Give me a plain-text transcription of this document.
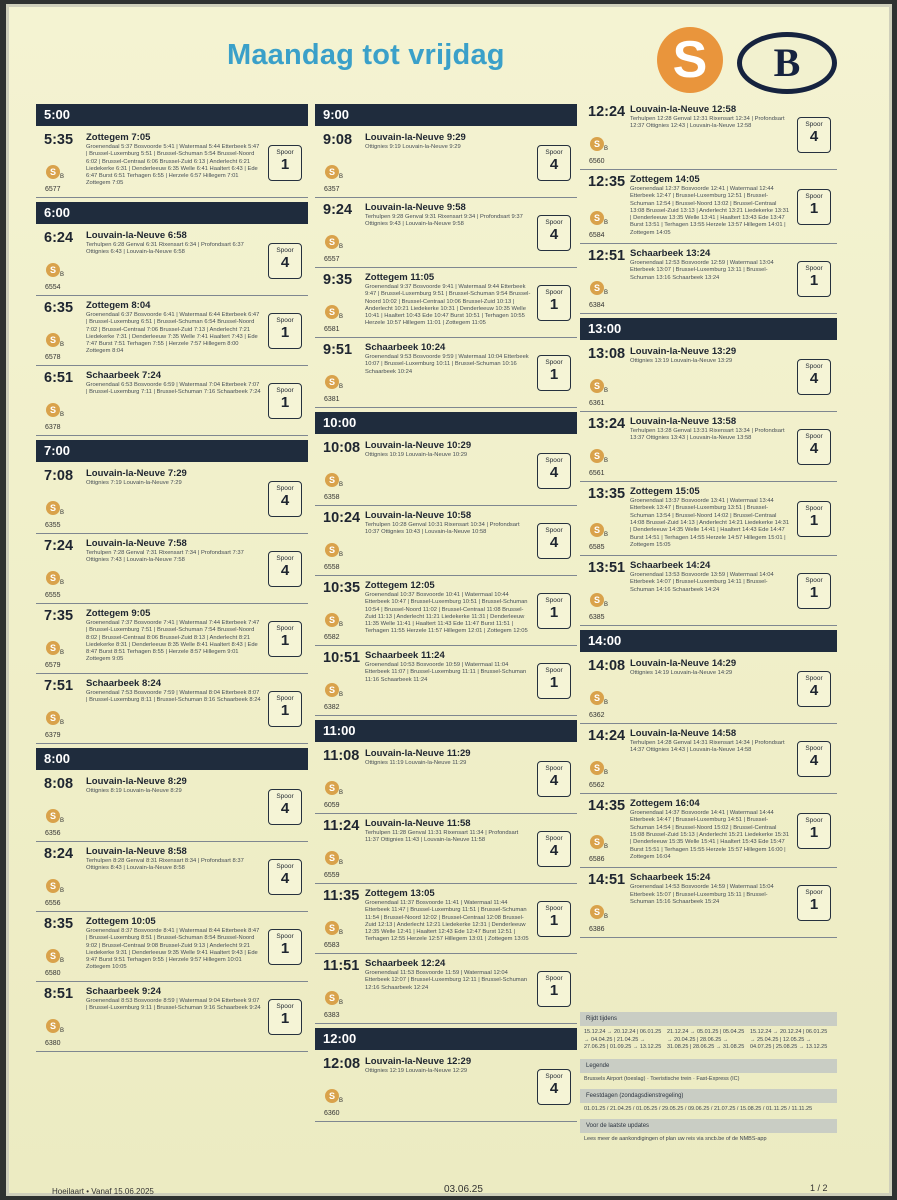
Maandag tot vrijdag	S	B
5:00
5:35 Zottegem 7:05
Groenendaal 5:37 Bosvoorde 5:41 | Watermaal 5:44 Etterbeek 5:47 | Brussel-Luxemburg 5:51 | Brussel-Schuman 5:54 Brussel-Noord 6:02 | Brussel-Centraal 6:06 Brussel-Zuid 6:13 | Anderlecht 6:21 Liedekerke 6:31 | Denderleeuw 6:35 Welle 6:41 Haaltert 6:43 | Ede 6:47 Burst 6:51 Terhagen 6:55 | Herzele 6:57 Hillegem 7:01 Zottegem 7:05
S B
6577
Spoor
1
6:00
6:24 Louvain-la-Neuve 6:58
Terhulpen 6:28 Genval 6:31 Rixensart 6:34 | Profondsart 6:37 Ottignies 6:43 | Louvain-la-Neuve 6:58
S B
6554
Spoor
4
6:35 Zottegem 8:04
Groenendaal 6:37 Bosvoorde 6:41 | Watermaal 6:44 Etterbeek 6:47 | Brussel-Luxemburg 6:51 | Brussel-Schuman 6:54 Brussel-Noord 7:02 | Brussel-Centraal 7:06 Brussel-Zuid 7:13 | Anderlecht 7:21 Liedekerke 7:31 | Denderleeuw 7:35 Welle 7:41 Haaltert 7:43 | Ede 7:47 Burst 7:51 Terhagen 7:55 | Herzele 7:57 Hillegem 8:00 Zottegem 8:04
S B
6578
Spoor
1
6:51 Schaarbeek 7:24
Groenendaal 6:53 Bosvoorde 6:59 | Watermaal 7:04 Etterbeek 7:07 | Brussel-Luxemburg 7:11 | Brussel-Schuman 7:16 Schaarbeek 7:24
S B
6378
Spoor
1
7:00
7:08 Louvain-la-Neuve 7:29
Ottignies 7:19 Louvain-la-Neuve 7:29
S B
6355
Spoor
4
7:24 Louvain-la-Neuve 7:58
Terhulpen 7:28 Genval 7:31 Rixensart 7:34 | Profondsart 7:37 Ottignies 7:43 | Louvain-la-Neuve 7:58
S B
6555
Spoor
4
7:35 Zottegem 9:05
Groenendaal 7:37 Bosvoorde 7:41 | Watermaal 7:44 Etterbeek 7:47 | Brussel-Luxemburg 7:51 | Brussel-Schuman 7:54 Brussel-Noord 8:02 | Brussel-Centraal 8:06 Brussel-Zuid 8:13 | Anderlecht 8:21 Liedekerke 8:31 | Denderleeuw 8:35 Welle 8:41 Haaltert 8:43 | Ede 8:47 Burst 8:51 Terhagen 8:55 | Herzele 8:57 Hillegem 9:01 Zottegem 9:05
S B
6579
Spoor
1
7:51 Schaarbeek 8:24
Groenendaal 7:53 Bosvoorde 7:59 | Watermaal 8:04 Etterbeek 8:07 | Brussel-Luxemburg 8:11 | Brussel-Schuman 8:16 Schaarbeek 8:24
S B
6379
Spoor
1
8:00
8:08 Louvain-la-Neuve 8:29
Ottignies 8:19 Louvain-la-Neuve 8:29
S B
6356
Spoor
4
8:24 Louvain-la-Neuve 8:58
Terhulpen 8:28 Genval 8:31 Rixensart 8:34 | Profondsart 8:37 Ottignies 8:43 | Louvain-la-Neuve 8:58
S B
6556
Spoor
4
8:35 Zottegem 10:05
Groenendaal 8:37 Bosvoorde 8:41 | Watermaal 8:44 Etterbeek 8:47 | Brussel-Luxemburg 8:51 | Brussel-Schuman 8:54 Brussel-Noord 9:02 | Brussel-Centraal 9:08 Brussel-Zuid 9:13 | Anderlecht 9:21 Liedekerke 9:31 | Denderleeuw 9:35 Welle 9:41 Haaltert 9:43 | Ede 9:47 Burst 9:51 Terhagen 9:55 | Herzele 9:57 Hillegem 10:01 Zottegem 10:05
S B
6580
Spoor
1
8:51 Schaarbeek 9:24
Groenendaal 8:53 Bosvoorde 8:59 | Watermaal 9:04 Etterbeek 9:07 | Brussel-Luxemburg 9:11 | Brussel-Schuman 9:16 Schaarbeek 9:24
S B
6380
Spoor
1
9:00
9:08 Louvain-la-Neuve 9:29
Ottignies 9:19 Louvain-la-Neuve 9:29
S B
6357
Spoor
4
9:24 Louvain-la-Neuve 9:58
Terhulpen 9:28 Genval 9:31 Rixensart 9:34 | Profondsart 9:37 Ottignies 9:43 | Louvain-la-Neuve 9:58
S B
6557
Spoor
4
9:35 Zottegem 11:05
Groenendaal 9:37 Bosvoorde 9:41 | Watermaal 9:44 Etterbeek 9:47 | Brussel-Luxemburg 9:51 | Brussel-Schuman 9:54 Brussel-Noord 10:02 | Brussel-Centraal 10:06 Brussel-Zuid 10:13 | Anderlecht 10:21 Liedekerke 10:31 | Denderleeuw 10:35 Welle 10:41 | Haaltert 10:43 Ede 10:47 Burst 10:51 | Terhagen 10:55 Herzele 10:57 Hillegem 11:01 | Zottegem 11:05
S B
6581
Spoor
1
9:51 Schaarbeek 10:24
Groenendaal 9:53 Bosvoorde 9:59 | Watermaal 10:04 Etterbeek 10:07 | Brussel-Luxemburg 10:11 | Brussel-Schuman 10:16 Schaarbeek 10:24
S B
6381
Spoor
1
10:00
10:08 Louvain-la-Neuve 10:29
Ottignies 10:19 Louvain-la-Neuve 10:29
S B
6358
Spoor
4
10:24 Louvain-la-Neuve 10:58
Terhulpen 10:28 Genval 10:31 Rixensart 10:34 | Profondsart 10:37 Ottignies 10:43 | Louvain-la-Neuve 10:58
S B
6558
Spoor
4
10:35 Zottegem 12:05
Groenendaal 10:37 Bosvoorde 10:41 | Watermaal 10:44 Etterbeek 10:47 | Brussel-Luxemburg 10:51 | Brussel-Schuman 10:54 | Brussel-Noord 11:02 | Brussel-Centraal 11:08 Brussel-Zuid 11:13 | Anderlecht 11:21 Liedekerke 11:31 | Denderleeuw 11:35 Welle 11:41 | Haaltert 11:43 Ede 11:47 Burst 11:51 | Terhagen 11:55 Herzele 11:57 Hillegem 12:01 | Zottegem 12:05
S B
6582
Spoor
1
10:51 Schaarbeek 11:24
Groenendaal 10:53 Bosvoorde 10:59 | Watermaal 11:04 Etterbeek 11:07 | Brussel-Luxemburg 11:11 | Brussel-Schuman 11:16 Schaarbeek 11:24
S B
6382
Spoor
1
11:00
11:08 Louvain-la-Neuve 11:29
Ottignies 11:19 Louvain-la-Neuve 11:29
S B
6059
Spoor
4
11:24 Louvain-la-Neuve 11:58
Terhulpen 11:28 Genval 11:31 Rixensart 11:34 | Profondsart 11:37 Ottignies 11:43 | Louvain-la-Neuve 11:58
S B
6559
Spoor
4
11:35 Zottegem 13:05
Groenendaal 11:37 Bosvoorde 11:41 | Watermaal 11:44 Etterbeek 11:47 | Brussel-Luxemburg 11:51 | Brussel-Schuman 11:54 | Brussel-Noord 12:02 | Brussel-Centraal 12:08 Brussel-Zuid 12:13 | Anderlecht 12:21 Liedekerke 12:31 | Denderleeuw 12:35 Welle 12:41 | Haaltert 12:43 Ede 12:47 Burst 12:51 | Terhagen 12:55 Herzele 12:57 Hillegem 13:01 | Zottegem 13:05
S B
6583
Spoor
1
11:51 Schaarbeek 12:24
Groenendaal 11:53 Bosvoorde 11:59 | Watermaal 12:04 Etterbeek 12:07 | Brussel-Luxemburg 12:11 | Brussel-Schuman 12:16 Schaarbeek 12:24
S B
6383
Spoor
1
12:00
12:08 Louvain-la-Neuve 12:29
Ottignies 12:19 Louvain-la-Neuve 12:29
S B
6360
Spoor
4
12:24 Louvain-la-Neuve 12:58
Terhulpen 12:28 Genval 12:31 Rixensart 12:34 | Profondsart 12:37 Ottignies 12:43 | Louvain-la-Neuve 12:58
S B
6560
Spoor
4
12:35 Zottegem 14:05
Groenendaal 12:37 Bosvoorde 12:41 | Watermaal 12:44 Etterbeek 12:47 | Brussel-Luxemburg 12:51 | Brussel-Schuman 12:54 | Brussel-Noord 13:02 | Brussel-Centraal 13:08 Brussel-Zuid 13:13 | Anderlecht 13:21 Liedekerke 13:31 | Denderleeuw 13:35 Welle 13:41 | Haaltert 13:43 Ede 13:47 Burst 13:51 | Terhagen 13:55 Herzele 13:57 Hillegem 14:01 | Zottegem 14:05
S B
6584
Spoor
1
12:51 Schaarbeek 13:24
Groenendaal 12:53 Bosvoorde 12:59 | Watermaal 13:04 Etterbeek 13:07 | Brussel-Luxemburg 13:11 | Brussel-Schuman 13:16 Schaarbeek 13:24
S B
6384
Spoor
1
13:00
13:08 Louvain-la-Neuve 13:29
Ottignies 13:19 Louvain-la-Neuve 13:29
S B
6361
Spoor
4
13:24 Louvain-la-Neuve 13:58
Terhulpen 13:28 Genval 13:31 Rixensart 13:34 | Profondsart 13:37 Ottignies 13:43 | Louvain-la-Neuve 13:58
S B
6561
Spoor
4
13:35 Zottegem 15:05
Groenendaal 13:37 Bosvoorde 13:41 | Watermaal 13:44 Etterbeek 13:47 | Brussel-Luxemburg 13:51 | Brussel-Schuman 13:54 | Brussel-Noord 14:02 | Brussel-Centraal 14:08 Brussel-Zuid 14:13 | Anderlecht 14:21 Liedekerke 14:31 | Denderleeuw 14:35 Welle 14:41 | Haaltert 14:43 Ede 14:47 Burst 14:51 | Terhagen 14:55 Herzele 14:57 Hillegem 15:01 | Zottegem 15:05
S B
6585
Spoor
1
13:51 Schaarbeek 14:24
Groenendaal 13:53 Bosvoorde 13:59 | Watermaal 14:04 Etterbeek 14:07 | Brussel-Luxemburg 14:11 | Brussel-Schuman 14:16 Schaarbeek 14:24
S B
6385
Spoor
1
14:00
14:08 Louvain-la-Neuve 14:29
Ottignies 14:19 Louvain-la-Neuve 14:29
S B
6362
Spoor
4
14:24 Louvain-la-Neuve 14:58
Terhulpen 14:28 Genval 14:31 Rixensart 14:34 | Profondsart 14:37 Ottignies 14:43 | Louvain-la-Neuve 14:58
S B
6562
Spoor
4
14:35 Zottegem 16:04
Groenendaal 14:37 Bosvoorde 14:41 | Watermaal 14:44 Etterbeek 14:47 | Brussel-Luxemburg 14:51 | Brussel-Schuman 14:54 | Brussel-Noord 15:02 | Brussel-Centraal 15:08 Brussel-Zuid 15:13 | Anderlecht 15:21 Liedekerke 15:31 | Denderleeuw 15:35 Welle 15:41 | Haaltert 15:43 Ede 15:47 Burst 15:51 | Terhagen 15:55 Herzele 15:57 Hillegem 16:00 | Zottegem 16:04
S B
6586
Spoor
1
14:51 Schaarbeek 15:24
Groenendaal 14:53 Bosvoorde 14:59 | Watermaal 15:04 Etterbeek 15:07 | Brussel-Luxemburg 15:11 | Brussel-Schuman 15:16 Schaarbeek 15:24
S B
6386
Spoor
1
Rijdt tijdens
15.12.24 → 20.12.24 | 06.01.25 → 04.04.25 | 21.04.25 → 27.06.25 | 01.09.25 → 13.12.25
21.12.24 → 05.01.25 | 05.04.25 → 20.04.25 | 28.06.25 → 31.08.25 | 28.06.25 → 31.08.25
15.12.24 → 20.12.24 | 06.01.25 → 25.04.25 | 12.05.25 → 04.07.25 | 25.08.25 → 13.12.25
Legende
Brussels Airport (toeslag) · Toeristische trein · Fast-Express (IC)
Feestdagen (zondagsdienstregeling)
01.01.25 / 21.04.25 / 01.05.25 / 29.05.25 / 09.06.25 / 21.07.25 / 15.08.25 / 01.11.25 / 11.11.25
Voor de laatste updates
Lees meer de aankondigingen of plan uw reis via sncb.be of de NMBS-app
Hoeilaart • Vanaf 15.06.2025	03.06.25	1 / 2
